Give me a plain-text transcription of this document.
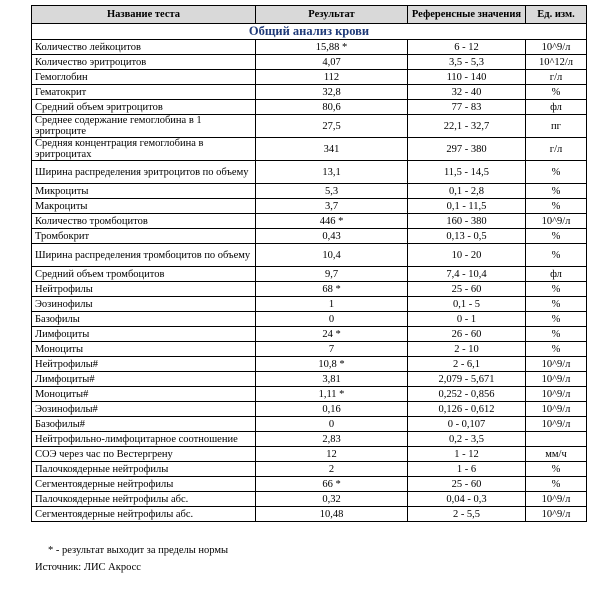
Название теста	Результат	Референсные значения	Ед. изм.
Общий анализ крови			
Количество лейкоцитов	15,88 *	6 - 12	10^9/л
Количество эритроцитов	4,07	3,5 - 5,3	10^12/л
Гемоглобин	112	110 - 140	г/л
Гематокрит	32,8	32 - 40	%
Средний объем эритроцитов	80,6	77 - 83	фл
Среднее содержание гемоглобина в 1 эритроците	27,5	22,1 - 32,7	пг
Средняя концентрация гемоглобина в эритроцитах	341	297 - 380	г/л
Ширина распределения эритроцитов по объему	13,1	11,5 - 14,5	%
Микроциты	5,3	0,1 - 2,8	%
Макроциты	3,7	0,1 - 11,5	%
Количество тромбоцитов	446 *	160 - 380	10^9/л
Тромбокрит	0,43	0,13 - 0,5	%
Ширина распределения тромбоцитов по объему	10,4	10 - 20	%
Средний объем тромбоцитов	9,7	7,4 - 10,4	фл
Нейтрофилы	68 *	25 - 60	%
Эозинофилы	1	0,1 - 5	%
Базофилы	0	0 - 1	%
Лимфоциты	24 *	26 - 60	%
Моноциты	7	2 - 10	%
Нейтрофилы#	10,8 *	2 - 6,1	10^9/л
Лимфоциты#	3,81	2,079 - 5,671	10^9/л
Моноциты#	1,11 *	0,252 - 0,856	10^9/л
Эозинофилы#	0,16	0,126 - 0,612	10^9/л
Базофилы#	0	0 - 0,107	10^9/л
Нейтрофильно-лимфоцитарное соотношение	2,83	0,2 - 3,5	
СОЭ через час по Вестергрену	12	1 - 12	мм/ч
Палочкоядерные нейтрофилы	2	1 - 6	%
Сегментоядерные нейтрофилы	66 *	25 - 60	%
Палочкоядерные нейтрофилы абс.	0,32	0,04 - 0,3	10^9/л
Сегментоядерные нейтрофилы абс.	10,48	2 - 5,5	10^9/л
* - результат выходит за пределы нормы
Источник: ЛИС Акросс
